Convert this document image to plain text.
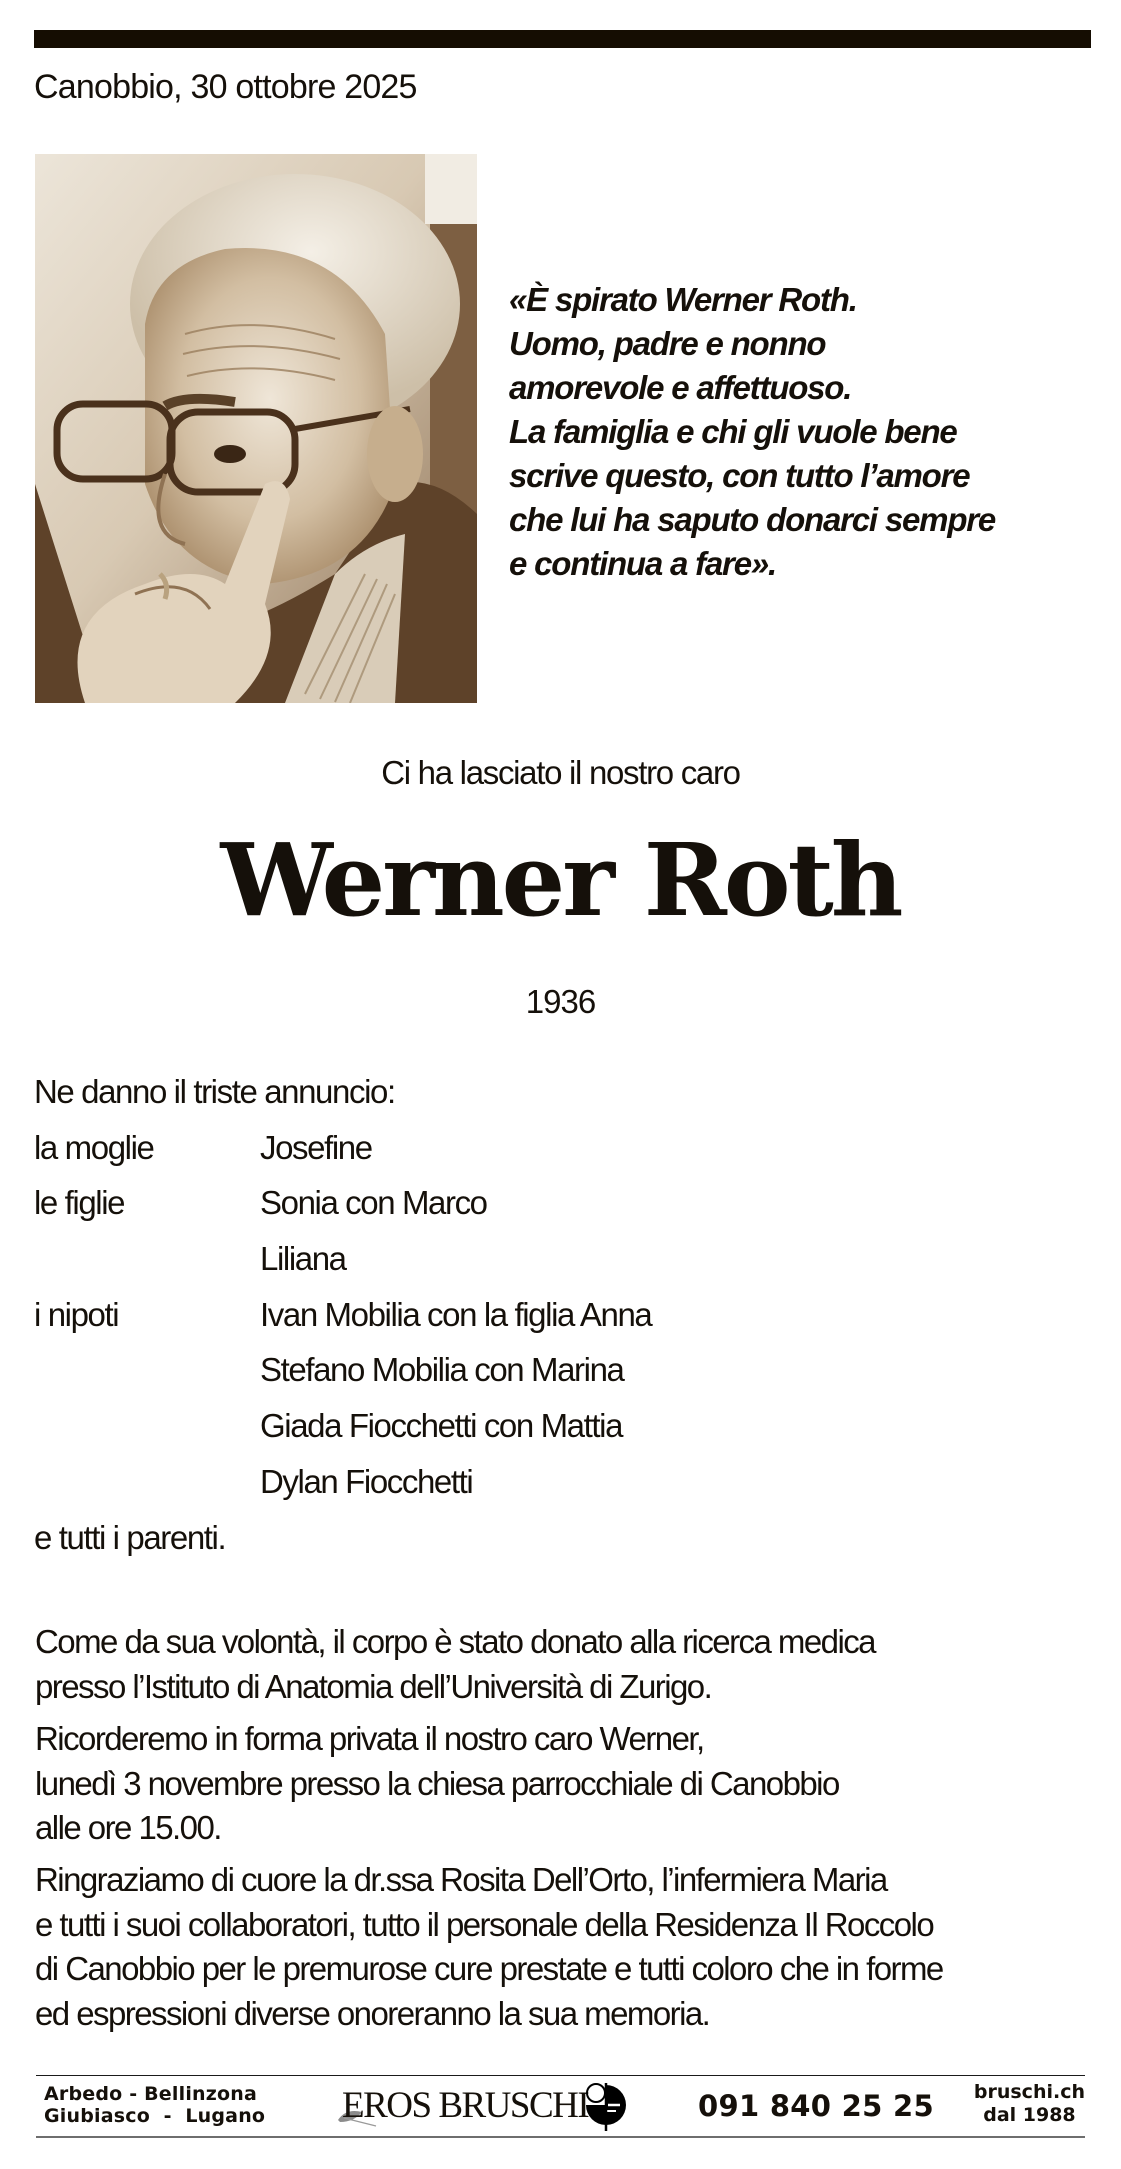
Canobbio, 30 ottobre 2025
«È spirato Werner Roth.
Uomo, padre e nonno
amorevole e affettuoso.
La famiglia e chi gli vuole bene
scrive questo, con tutto l’amore
che lui ha saputo donarci sempre
e continua a fare».
Ci ha lasciato il nostro caro
Werner Roth
1936
Ne danno il triste annuncio:
la moglie	Josefine
le figlie	Sonia con Marco
Liliana
i nipoti	Ivan Mobilia con la figlia Anna
Stefano Mobilia con Marina
Giada Fiocchetti con Mattia
Dylan Fiocchetti
e tutti i parenti.
Come da sua volontà, il corpo è stato donato alla ricerca medica
presso l’Istituto di Anatomia dell’Università di Zurigo.
Ricorderemo in forma privata il nostro caro Werner,
lunedì 3 novembre presso la chiesa parrocchiale di Canobbio
alle ore 15.00.
Ringraziamo di cuore la dr.ssa Rosita Dell’Orto, l’infermiera Maria
e tutti i suoi collaboratori, tutto il personale della Residenza Il Roccolo
di Canobbio per le premurose cure prestate e tutti coloro che in forme
ed espressioni diverse onoreranno la sua memoria.
Arbedo - Bellinzona
Giubiasco  -  Lugano EROS BRUSCHI	091 840 25 25 bruschi.ch
dal 1988
